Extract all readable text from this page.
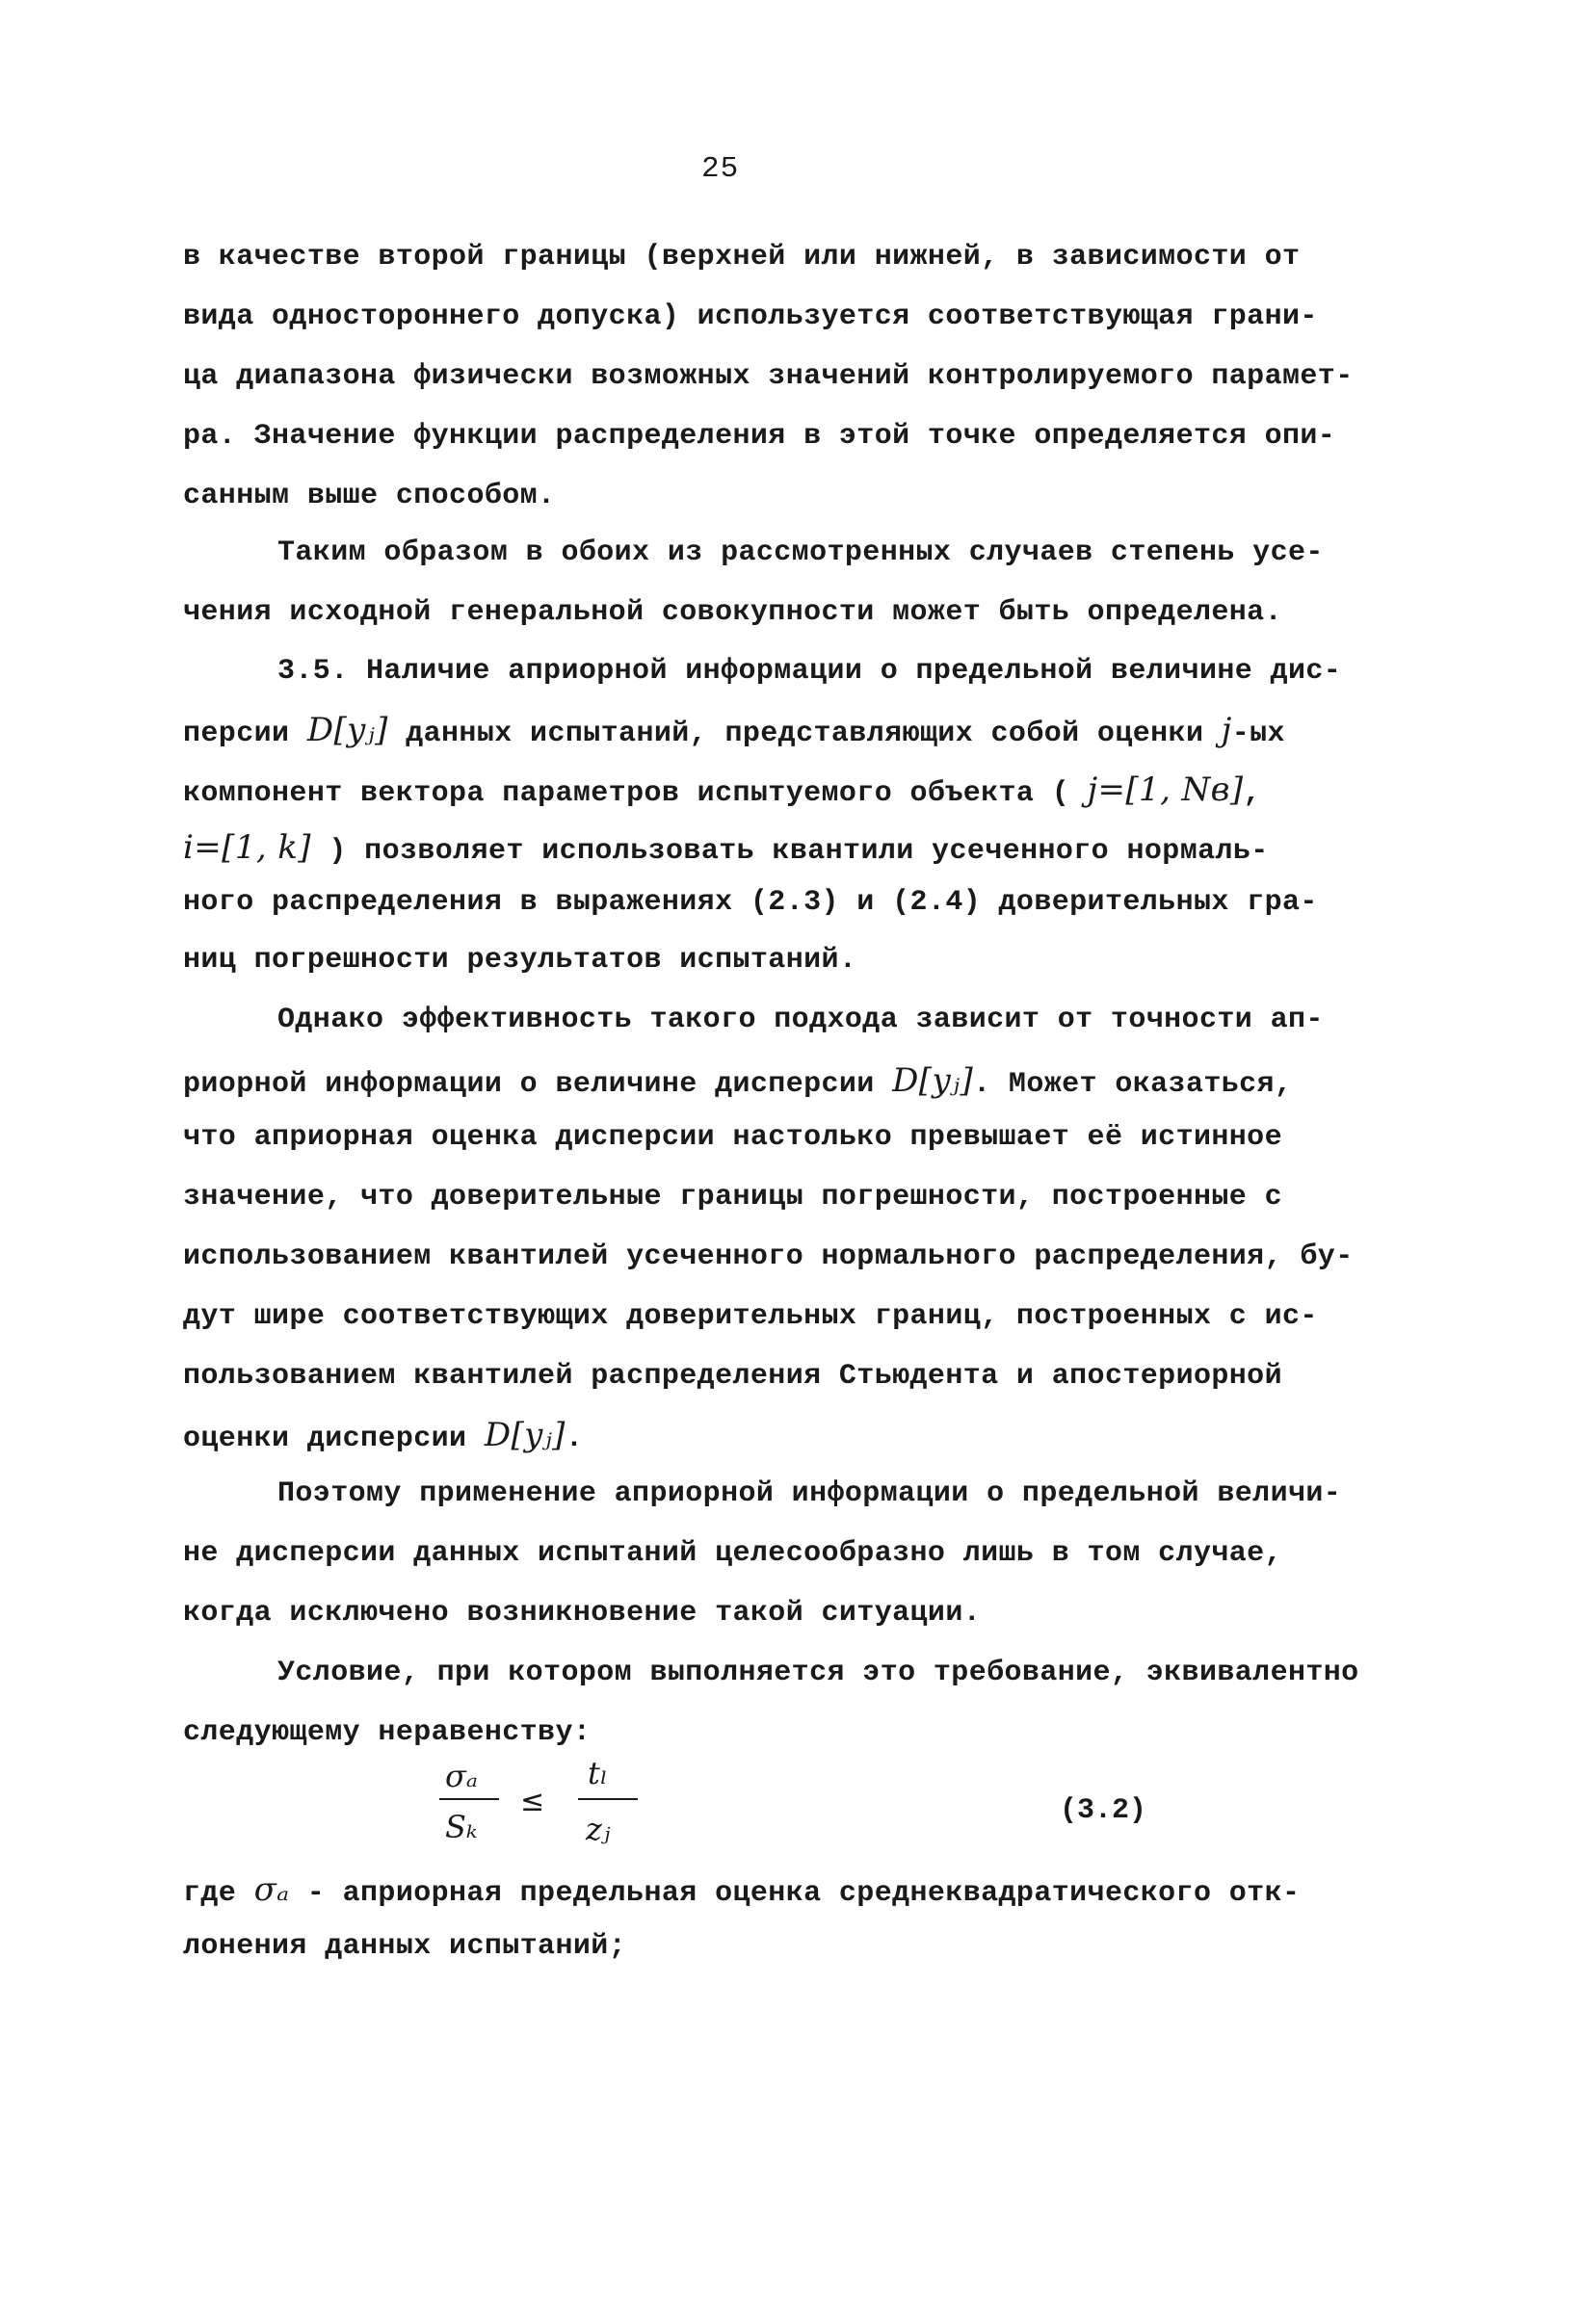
25
в качестве второй границы (верхней или нижней, в зависимости от
вида одностороннего допуска) используется соответствующая грани-
ца диапазона физически возможных значений контролируемого парамет-
ра. Значение функции распределения в этой точке определяется опи-
санным выше способом.
Таким образом в обоих из рассмотренных случаев степень усе-
чения исходной генеральной совокупности может быть определена.
3.5. Наличие априорной информации о предельной величине дис-
персии D[yⱼ] данных испытаний, представляющих собой оценки j-ых
компонент вектора параметров испытуемого объекта ( j=[1, Nв],
i=[1, k] ) позволяет использовать квантили усеченного нормаль-
ного распределения в выражениях (2.3) и (2.4) доверительных гра-
ниц погрешности результатов испытаний.
Однако эффективность такого подхода зависит от точности ап-
риорной информации о величине дисперсии D[yⱼ]. Может оказаться,
что априорная оценка дисперсии настолько превышает её истинное
значение, что доверительные границы погрешности, построенные с
использованием квантилей усеченного нормального распределения, бу-
дут шире соответствующих доверительных границ, построенных с ис-
пользованием квантилей распределения Стьюдента и апостериорной
оценки дисперсии D[yⱼ].
Поэтому применение априорной информации о предельной величи-
не дисперсии данных испытаний целесообразно лишь в том случае,
когда исключено возникновение такой ситуации.
Условие, при котором выполняется это требование, эквивалентно
следующему неравенству:
σₐ
Sₖ
≤
tₗ
zⱼ	(3.2)
где σₐ - априорная предельная оценка среднеквадратического отк-
лонения данных испытаний;
